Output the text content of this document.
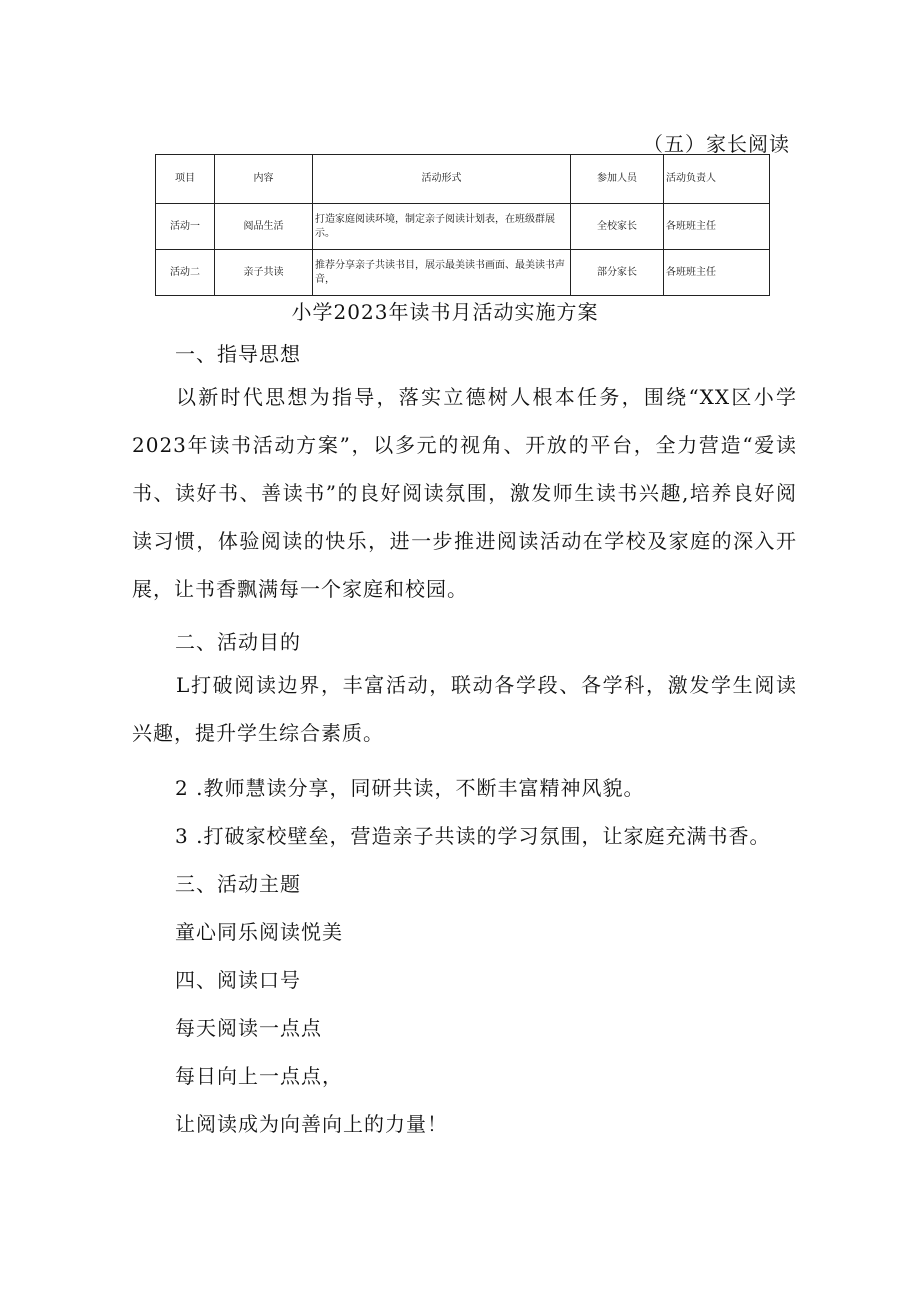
（五）家长阅读
项目	内容	活动形式	参加人员	活动负责人
活动一	阅品生活	打造家庭阅读环境，制定亲子阅读计划表，在班级群展示。	全校家长	各班班主任
活动二	亲子共读	推荐分享亲子共读书目，展示最美读书画面、最美读书声音，	部分家长	各班班主任
小学2023年读书月活动实施方案
一、指导思想
以新时代思想为指导，落实立德树人根本任务，围绕“XX区小学2023年读书活动方案”，以多元的视角、开放的平台，全力营造“爱读书、读好书、善读书”的良好阅读氛围，激发师生读书兴趣,培养良好阅读习惯，体验阅读的快乐，进一步推进阅读活动在学校及家庭的深入开展，让书香飘满每一个家庭和校园。
二、活动目的
L打破阅读边界，丰富活动，联动各学段、各学科，激发学生阅读兴趣，提升学生综合素质。
2 .教师慧读分享，同研共读，不断丰富精神风貌。
3 .打破家校壁垒，营造亲子共读的学习氛围，让家庭充满书香。
三、活动主题
童心同乐阅读悦美
四、阅读口号
每天阅读一点点
每日向上一点点，
让阅读成为向善向上的力量！
